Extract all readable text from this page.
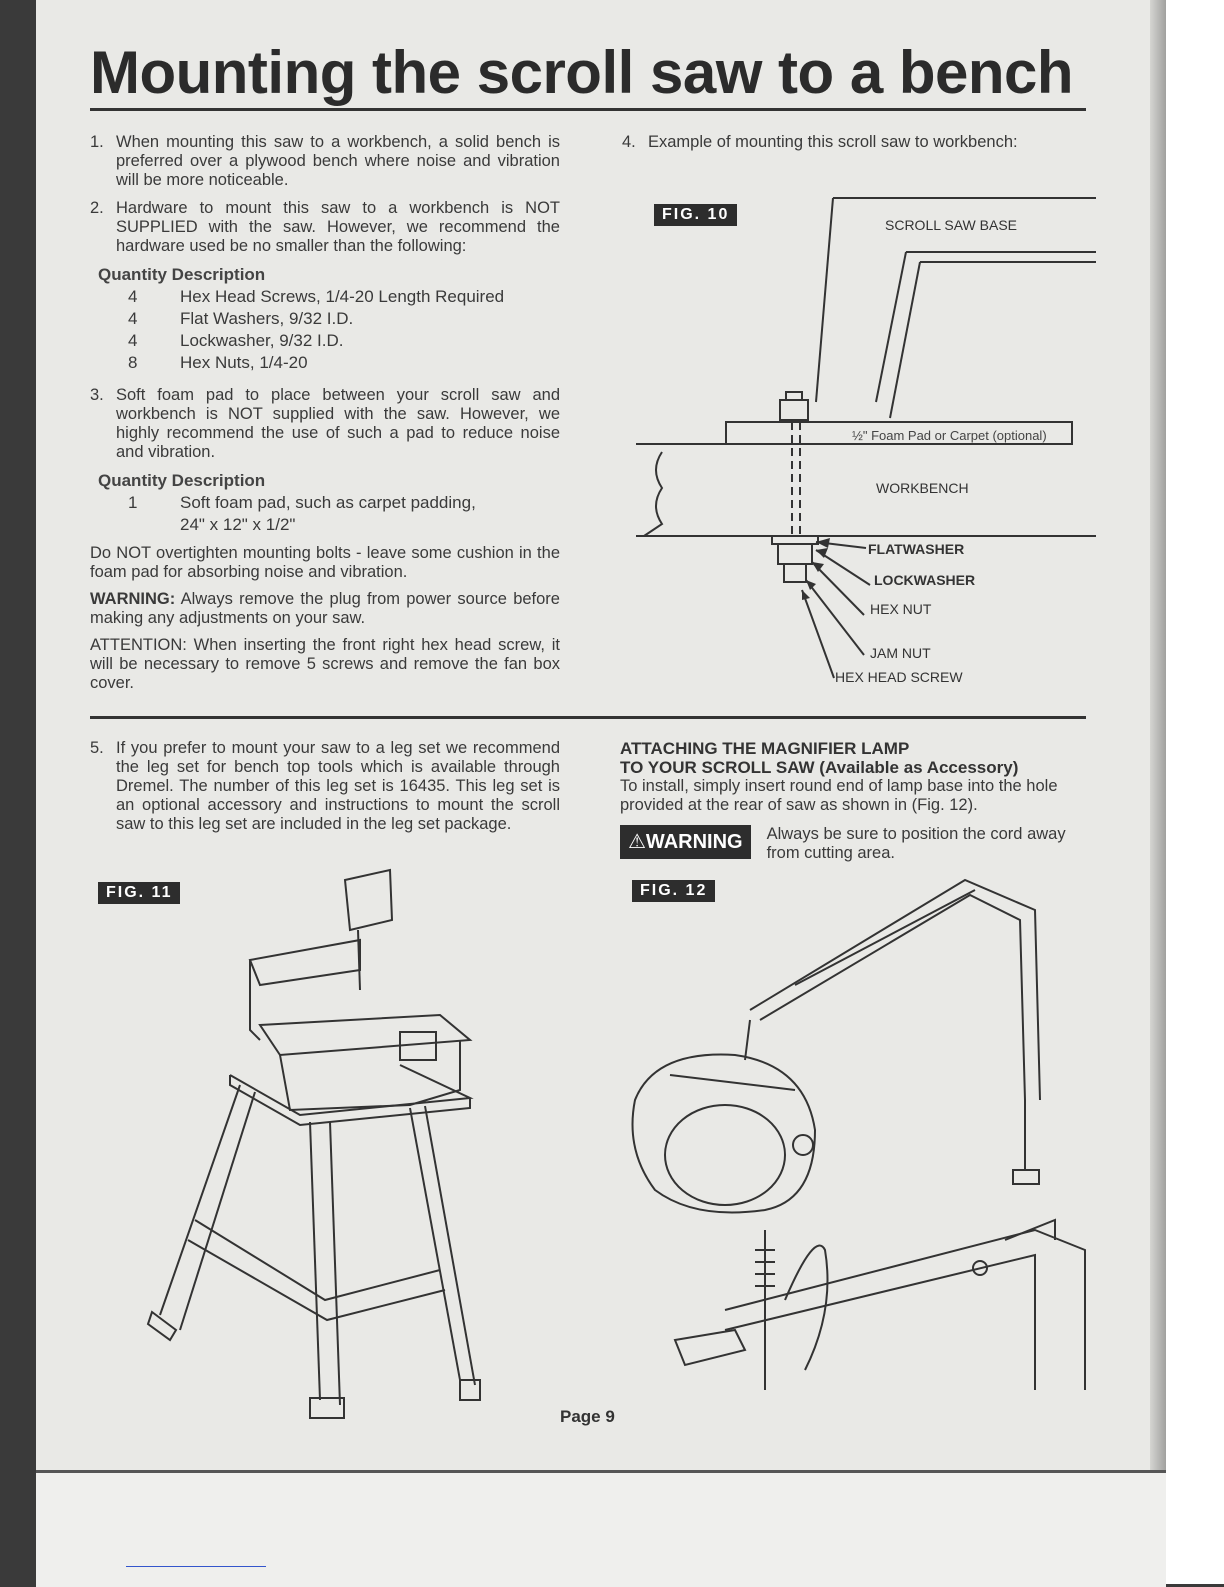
Mounting the scroll saw to a bench
1. When mounting this saw to a workbench, a solid bench is preferred over a plywood bench where noise and vibration will be more noticeable.
2. Hardware to mount this saw to a workbench is NOT SUPPLIED with the saw. However, we recommend the hardware used be no smaller than the following:
Quantity Description
4	Hex Head Screws, 1/4-20 Length Required
4	Flat Washers, 9/32 I.D.
4	Lockwasher, 9/32 I.D.
8	Hex Nuts, 1/4-20
3. Soft foam pad to place between your scroll saw and workbench is NOT supplied with the saw. However, we highly recommend the use of such a pad to reduce noise and vibration.
Quantity Description
1	Soft foam pad, such as carpet padding,
24" x 12" x 1/2"
Do NOT overtighten mounting bolts - leave some cushion in the foam pad for absorbing noise and vibration.
WARNING: Always remove the plug from power source before making any adjustments on your saw.
ATTENTION: When inserting the front right hex head screw, it will be necessary to remove 5 screws and remove the fan box cover.
4. Example of mounting this scroll saw to workbench:
FIG. 10
SCROLL SAW BASE
½" Foam Pad or Carpet (optional)
WORKBENCH
FLATWASHER
LOCKWASHER
HEX NUT
JAM NUT
HEX HEAD SCREW
5. If you prefer to mount your saw to a leg set we recommend the leg set for bench top tools which is available through Dremel. The number of this leg set is 16435. This leg set is an optional accessory and instructions to mount the scroll saw to this leg set are included in the leg set package.
FIG. 11
ATTACHING THE MAGNIFIER LAMP
TO YOUR SCROLL SAW (Available as Accessory)
To install, simply insert round end of lamp base into the hole provided at the rear of saw as shown in (Fig. 12).
⚠WARNING	Always be sure to position the cord away from cutting area.
FIG. 12
Page 9
